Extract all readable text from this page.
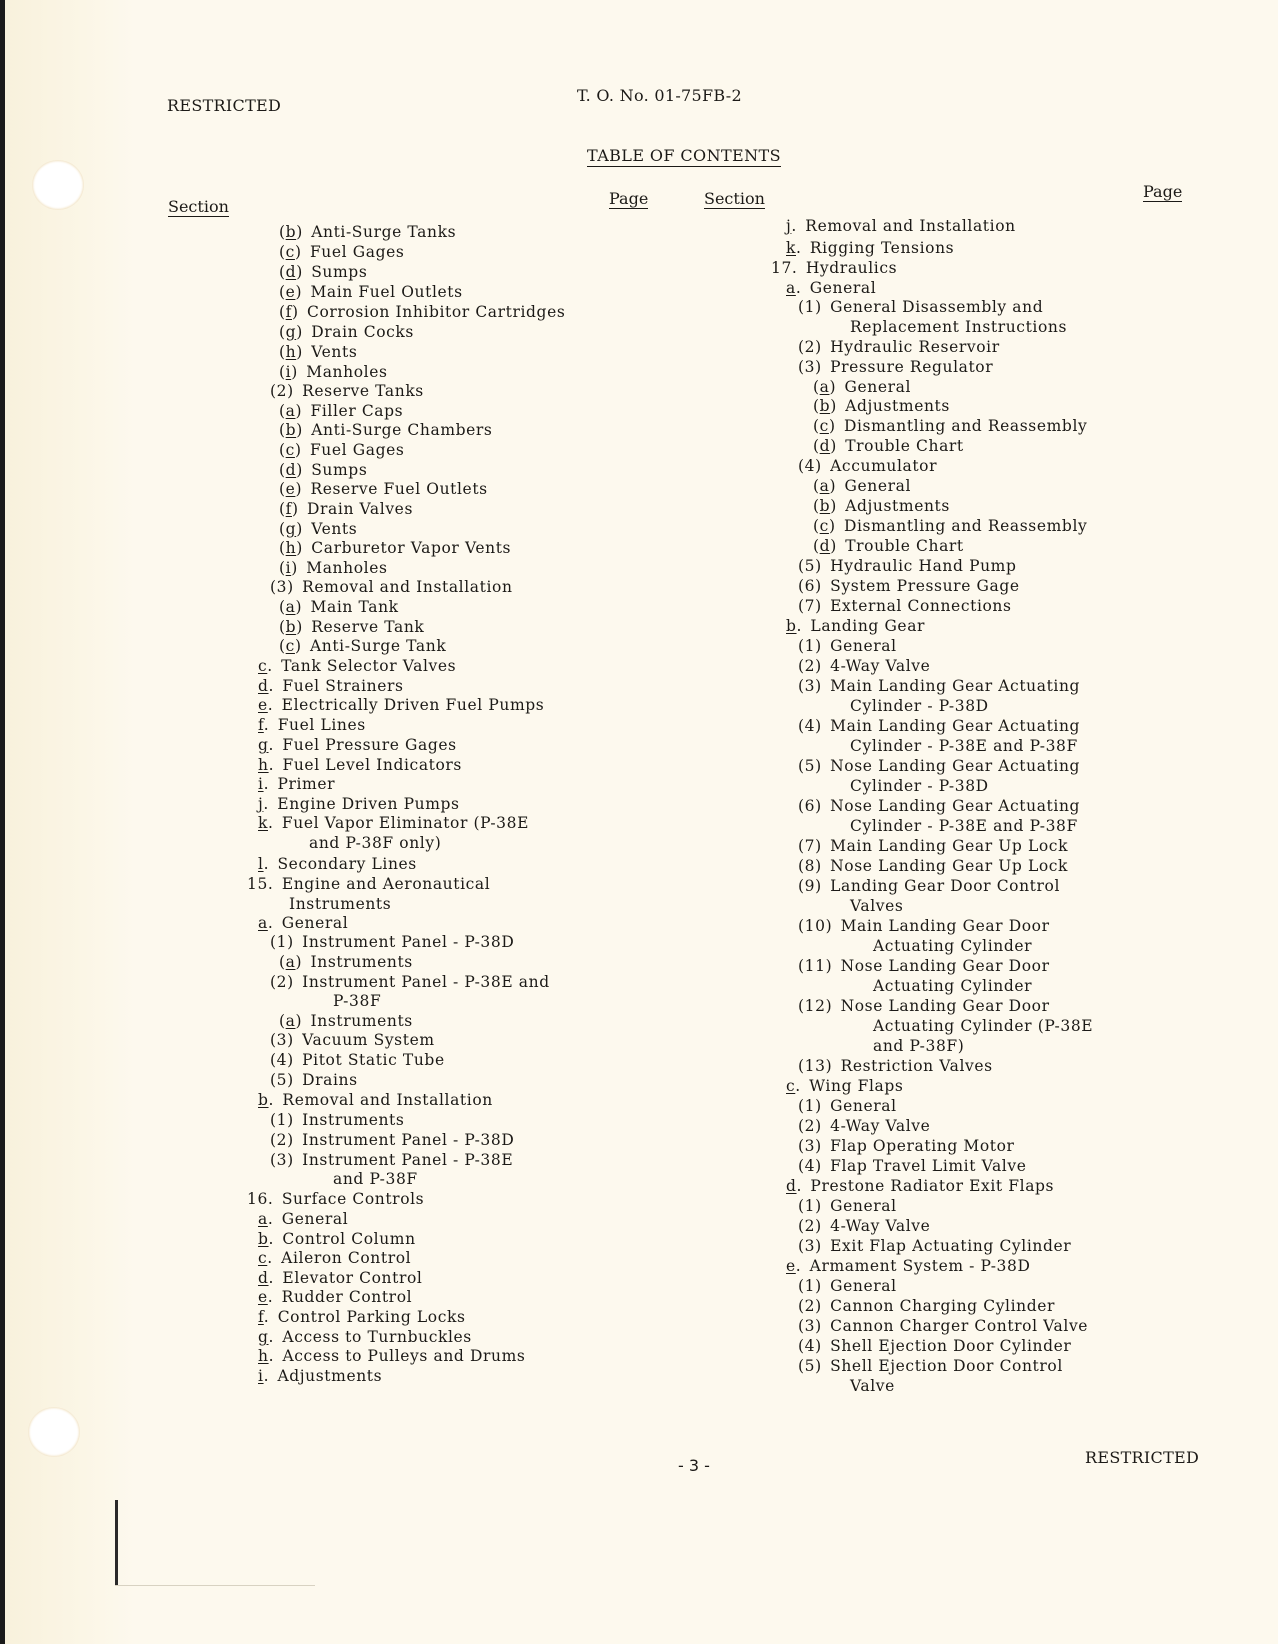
RESTRICTED
T. O. No. 01-75FB-2
TABLE OF CONTENTS
Section	Page	Section	Page
(b)  Anti-Surge Tanks
(c)  Fuel Gages
(d)  Sumps
(e)  Main Fuel Outlets
(f)  Corrosion Inhibitor Cartridges
(g)  Drain Cocks
(h)  Vents
(i)  Manholes
(2)  Reserve Tanks
(a)  Filler Caps
(b)  Anti-Surge Chambers
(c)  Fuel Gages
(d)  Sumps
(e)  Reserve Fuel Outlets
(f)  Drain Valves
(g)  Vents
(h)  Carburetor Vapor Vents
(i)  Manholes
(3)  Removal and Installation
(a)  Main Tank
(b)  Reserve Tank
(c)  Anti-Surge Tank
c.  Tank Selector Valves
d.  Fuel Strainers
e.  Electrically Driven Fuel Pumps
f.  Fuel Lines
g.  Fuel Pressure Gages
h.  Fuel Level Indicators
i.  Primer
j.  Engine Driven Pumps
k.  Fuel Vapor Eliminator (P-38E
and P-38F only)
l.  Secondary Lines
15.  Engine and Aeronautical
Instruments
a.  General
(1)  Instrument Panel - P-38D
(a)  Instruments
(2)  Instrument Panel - P-38E and
P-38F
(a)  Instruments
(3)  Vacuum System
(4)  Pitot Static Tube
(5)  Drains
b.  Removal and Installation
(1)  Instruments
(2)  Instrument Panel - P-38D
(3)  Instrument Panel - P-38E
and P-38F
16.  Surface Controls
a.  General
b.  Control Column
c.  Aileron Control
d.  Elevator Control
e.  Rudder Control
f.  Control Parking Locks
g.  Access to Turnbuckles
h.  Access to Pulleys and Drums
i.  Adjustments
j.  Removal and Installation
k.  Rigging Tensions
17.  Hydraulics
a.  General
(1)  General Disassembly and
Replacement Instructions
(2)  Hydraulic Reservoir
(3)  Pressure Regulator
(a)  General
(b)  Adjustments
(c)  Dismantling and Reassembly
(d)  Trouble Chart
(4)  Accumulator
(a)  General
(b)  Adjustments
(c)  Dismantling and Reassembly
(d)  Trouble Chart
(5)  Hydraulic Hand Pump
(6)  System Pressure Gage
(7)  External Connections
b.  Landing Gear
(1)  General
(2)  4-Way Valve
(3)  Main Landing Gear Actuating
Cylinder - P-38D
(4)  Main Landing Gear Actuating
Cylinder - P-38E and P-38F
(5)  Nose Landing Gear Actuating
Cylinder - P-38D
(6)  Nose Landing Gear Actuating
Cylinder - P-38E and P-38F
(7)  Main Landing Gear Up Lock
(8)  Nose Landing Gear Up Lock
(9)  Landing Gear Door Control
Valves
(10)  Main Landing Gear Door
Actuating Cylinder
(11)  Nose Landing Gear Door
Actuating Cylinder
(12)  Nose Landing Gear Door
Actuating Cylinder (P-38E
and P-38F)
(13)  Restriction Valves
c.  Wing Flaps
(1)  General
(2)  4-Way Valve
(3)  Flap Operating Motor
(4)  Flap Travel Limit Valve
d.  Prestone Radiator Exit Flaps
(1)  General
(2)  4-Way Valve
(3)  Exit Flap Actuating Cylinder
e.  Armament System - P-38D
(1)  General
(2)  Cannon Charging Cylinder
(3)  Cannon Charger Control Valve
(4)  Shell Ejection Door Cylinder
(5)  Shell Ejection Door Control
Valve
- 3 -	RESTRICTED
